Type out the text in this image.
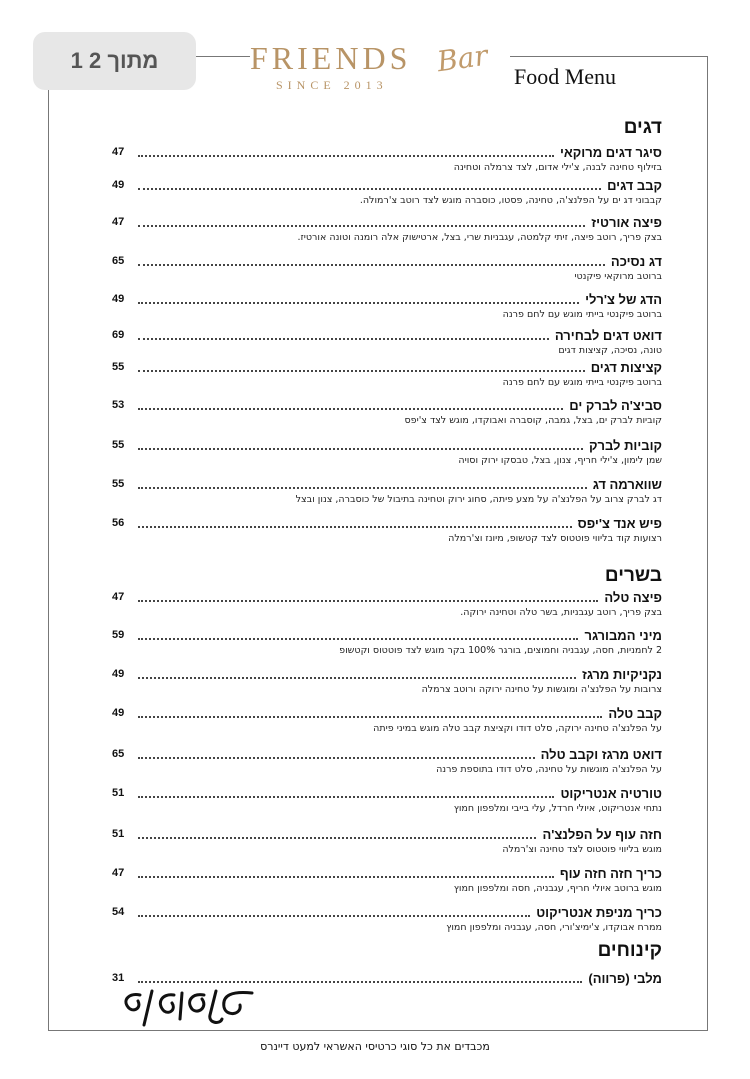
1 מתוך 2	FRIENDS Bar
SINCE 2013	Food Menu
דגים
סיגר דגים מרוקאי
47
בזילוף טחינה לבנה, צ'ילי אדום, לצד צרמלה וטחינה
קבב דגים
49
קבבוני דג ים על הפלנצ'ה, טחינה, פסטו, כוסברה מוגש לצד רוטב צ'רמולה.
פיצה אורטיז
47
בצק פריך, רוטב פיצה, זיתי קלמטה, עגבניות שרי, בצל, ארטישוק אלה רומנה וטונה אורטיז.
דג נסיכה
65
ברוטב מרוקאי פיקנטי
הדג של צ'רלי
49
ברוטב פיקנטי בייתי מוגש עם לחם פרנה
דואט דגים לבחירה
69
טונה, נסיכה, קציצות דגים
קציצות דגים
55
ברוטב פיקנטי בייתי מוגש עם לחם פרנה
סביצ'ה לברק ים
53
קוביות לברק ים, בצל, גמבה, קוסברה ואבוקדו, מוגש לצד צ'יפס
קוביות לברק
55
שמן לימון, צ'ילי חריף, צנון, בצל, טבסקו ירוק וסויה
שווארמה דג
55
דג לברק צרוב על הפלנצ'ה על מצע פיתה, סחוג ירוק וטחינה בתיבול של כוסברה, צנון ובצל
פיש אנד צ'יפס
56
רצועות קוד בליווי פוטטוס לצד קטשופ, מיונז וצ'רמלה
בשרים
פיצה טלה
47
בצק פריך, רוטב עגבניות, בשר טלה וטחינה ירוקה.
מיני המבורגר
59
2 לחמניות, חסה, עגבניה וחמוצים, בורגר 100% בקר מוגש לצד פוטטוס וקטשופ
נקניקיות מרגז
49
צרובות על הפלנצ'ה ומוגשות על טחינה ירוקה ורוטב צרמלה
קבב טלה
49
על הפלנצ'ה טחינה ירוקה, סלט דודו וקציצת קבב טלה מוגש במיני פיתה
דואט מרגז וקבב טלה
65
על הפלנצ'ה מוגשות על טחינה, סלט דודו בתוספת פרנה
טורטיה אנטריקוט
51
נתחי אנטריקוט, איולי חרדל, עלי בייבי ומלפפון חמוץ
חזה עוף על הפלנצ'ה
51
מוגש בליווי פוטטוס לצד טחינה וצ'רמלה
כריך חזה חזה עוף
47
מוגש ברוטב איולי חריף, עגבניה, חסה ומלפפון חמוץ
כריך מניפת אנטריקוט
54
ממרח אבוקדו, צ'ימיצ'ורי, חסה, עגבניה ומלפפון חמוץ
קינוחים
מלבי (פרווה)
31
מכבדים את כל סוגי כרטיסי האשראי למעט דיינרס
